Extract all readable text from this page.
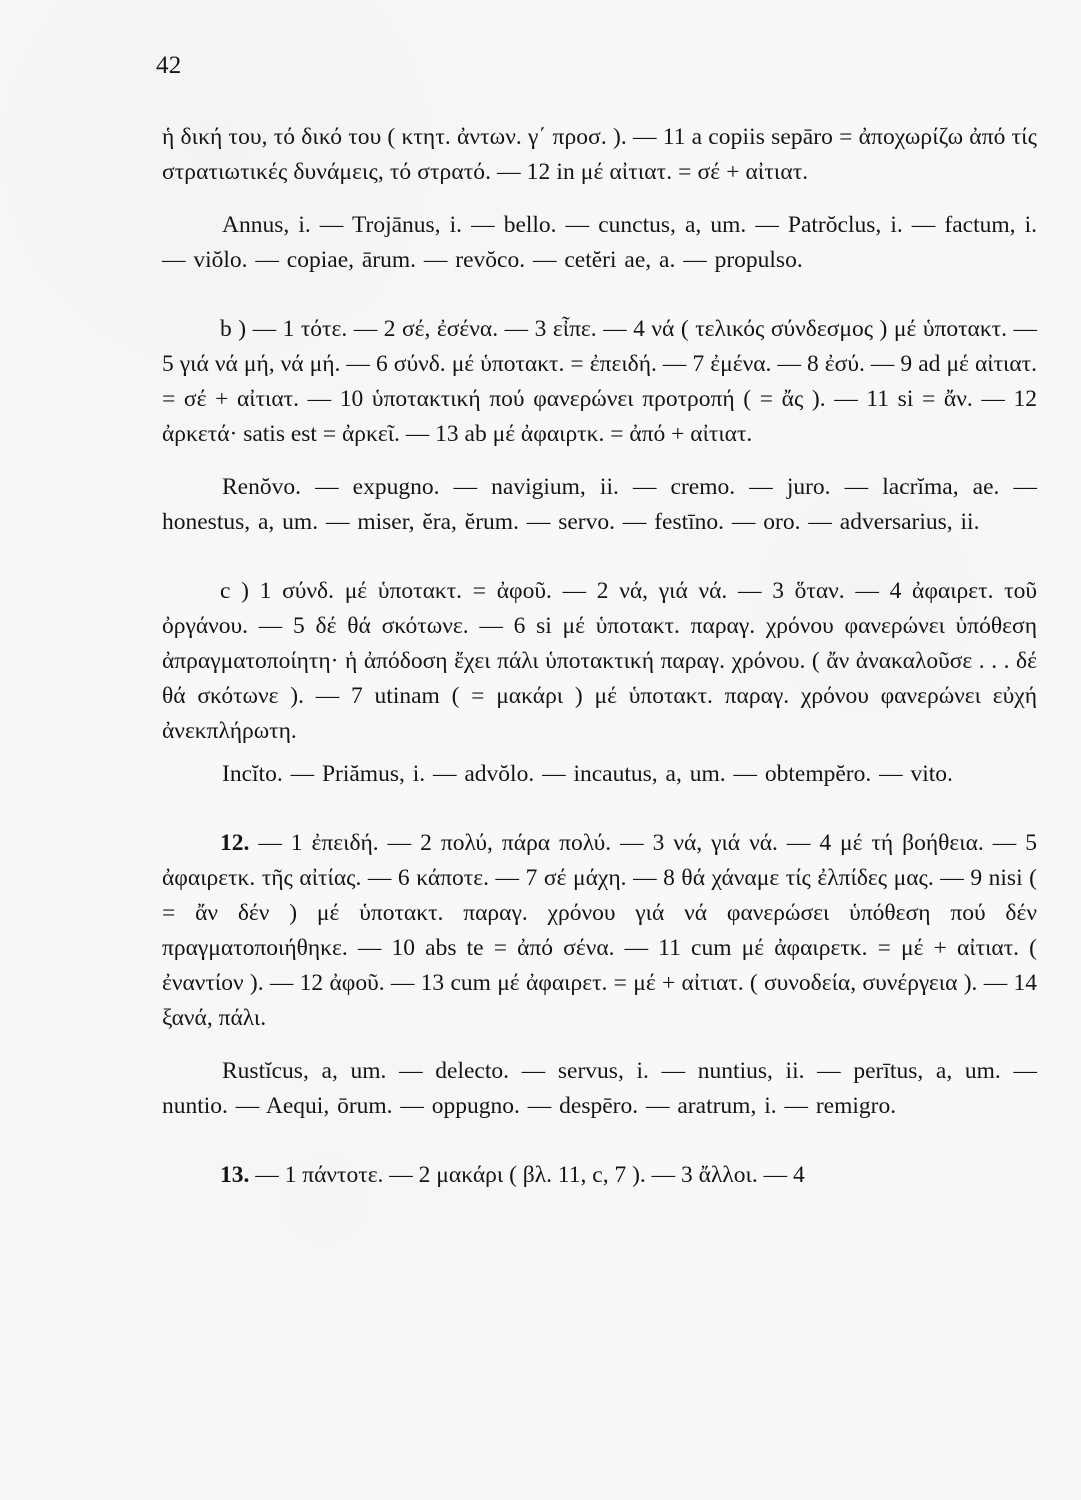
42

ἡ δική του, τό δικό του ( κτητ. ἀντων. γ΄ προσ. ). — 11 a copiis sepāro = ἀποχωρίζω ἀπό τίς στρατιωτικές δυνάμεις, τό στρατό. — 12 in μέ αἰτιατ. = σέ + αἰτιατ.

Annus, i. — Trojānus, i. — bello. — cunctus, a, um. — Patrŏclus, i. — factum, i. — viŏlo. — copiae, ārum. — revŏco. — cetĕri ae, a. — propulso.

b ) — 1 τότε. — 2 σέ, ἐσένα. — 3 εἶπε. — 4 νά ( τελικός σύνδεσμος ) μέ ὑποτακτ. — 5 γιά νά μή, νά μή. — 6 σύνδ. μέ ὑποτακτ. = ἐπειδή. — 7 ἐμένα. — 8 ἐσύ. — 9 ad μέ αἰτιατ. = σέ + αἰτιατ. — 10 ὑποτακτική πού φανερώνει προτροπή ( = ἄς ). — 11 si = ἄν. — 12 ἀρκετά· satis est = ἀρκεῖ. — 13 ab μέ ἀφαιρτκ. = ἀπό + αἰτιατ.

Renŏvo. — expugno. — navigium, ii. — cremo. — juro. — lacrĭma, ae. — honestus, a, um. — miser, ĕra, ĕrum. — servo. — festīno. — oro. — adversarius, ii.

c ) 1 σύνδ. μέ ὑποτακτ. = ἀφοῦ. — 2 νά, γιά νά. — 3 ὅταν. — 4 ἀφαιρετ. τοῦ ὀργάνου. — 5 δέ θά σκότωνε. — 6 si μέ ὑποτακτ. παραγ. χρόνου φανερώνει ὑπόθεση ἀπραγματοποίητη· ἡ ἀπόδοση ἔχει πάλι ὑποτακτική παραγ. χρόνου. ( ἄν ἀνακαλοῦσε . . . δέ θά σκότωνε ). — 7 utinam ( = μακάρι ) μέ ὑποτακτ. παραγ. χρόνου φανερώνει εὐχή ἀνεκπλήρωτη.

Incĭto. — Priămus, i. — advŏlo. — incautus, a, um. — obtempĕro. — vito.

12. — 1 ἐπειδή. — 2 πολύ, πάρα πολύ. — 3 νά, γιά νά. — 4 μέ τή βοήθεια. — 5 ἀφαιρετκ. τῆς αἰτίας. — 6 κάποτε. — 7 σέ μάχη. — 8 θά χάναμε τίς ἐλπίδες μας. — 9 nisi ( = ἄν δέν ) μέ ὑποτακτ. παραγ. χρόνου γιά νά φανερώσει ὑπόθεση πού δέν πραγματοποιήθηκε. — 10 abs te = ἀπό σένα. — 11 cum μέ ἀφαιρετκ. = μέ + αἰτιατ. ( ἐναντίον ). — 12 ἀφοῦ. — 13 cum μέ ἀφαιρετ. = μέ + αἰτιατ. ( συνοδεία, συνέργεια ). — 14 ξανά, πάλι.

Rustĭcus, a, um. — delecto. — servus, i. — nuntius, ii. — perītus, a, um. — nuntio. — Aequi, ōrum. — oppugno. — despēro. — aratrum, i. — remigro.

13. — 1 πάντοτε. — 2 μακάρι ( βλ. 11, c, 7 ). — 3 ἄλλοι. — 4
